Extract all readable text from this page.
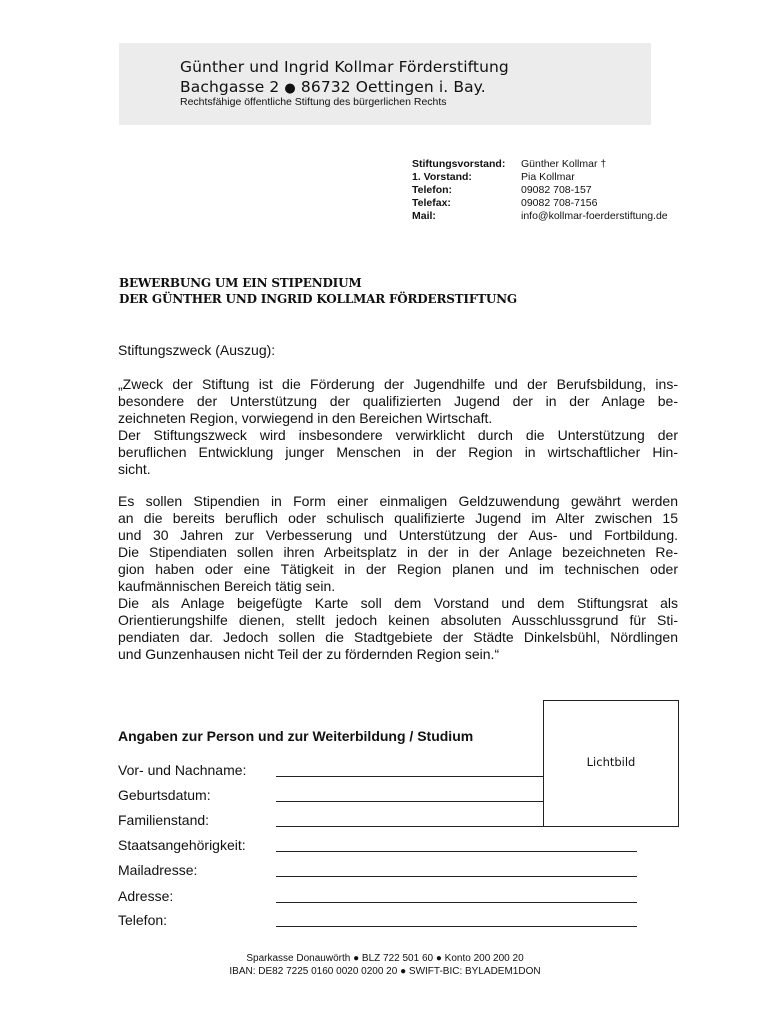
Günther und Ingrid Kollmar Förderstiftung
Bachgasse 2 ● 86732 Oettingen i. Bay.
Rechtsfähige öffentliche Stiftung des bürgerlichen Rechts
Stiftungsvorstand:
1. Vorstand:
Telefon:
Telefax:
Mail:
Günther Kollmar †
Pia Kollmar
09082 708-157
09082 708-7156
info@kollmar-foerderstiftung.de
BEWERBUNG UM EIN STIPENDIUM
DER GÜNTHER UND INGRID KOLLMAR FÖRDERSTIFTUNG
Stiftungszweck (Auszug):
„Zweck der Stiftung ist die Förderung der Jugendhilfe und der Berufsbildung, ins-
besondere der Unterstützung der qualifizierten Jugend der in der Anlage be-
zeichneten Region, vorwiegend in den Bereichen Wirtschaft.
Der Stiftungszweck wird insbesondere verwirklicht durch die Unterstützung der
beruflichen Entwicklung junger Menschen in der Region in wirtschaftlicher Hin-
sicht.
Es sollen Stipendien in Form einer einmaligen Geldzuwendung gewährt werden
an die bereits beruflich oder schulisch qualifizierte Jugend im Alter zwischen 15
und 30 Jahren zur Verbesserung und Unterstützung der Aus- und Fortbildung.
Die Stipendiaten sollen ihren Arbeitsplatz in der in der Anlage bezeichneten Re-
gion haben oder eine Tätigkeit in der Region planen und im technischen oder
kaufmännischen Bereich tätig sein.
Die als Anlage beigefügte Karte soll dem Vorstand und dem Stiftungsrat als
Orientierungshilfe dienen, stellt jedoch keinen absoluten Ausschlussgrund für Sti-
pendiaten dar. Jedoch sollen die Stadtgebiete der Städte Dinkelsbühl, Nördlingen
und Gunzenhausen nicht Teil der zu fördernden Region sein.“
Lichtbild
Angaben zur Person und zur Weiterbildung / Studium
Vor- und Nachname:
Geburtsdatum:
Familienstand:
Staatsangehörigkeit:
Mailadresse:
Adresse:
Telefon:
Sparkasse Donauwörth ● BLZ 722 501 60 ● Konto 200 200 20
IBAN: DE82 7225 0160 0020 0200 20 ● SWIFT-BIC: BYLADEM1DON
